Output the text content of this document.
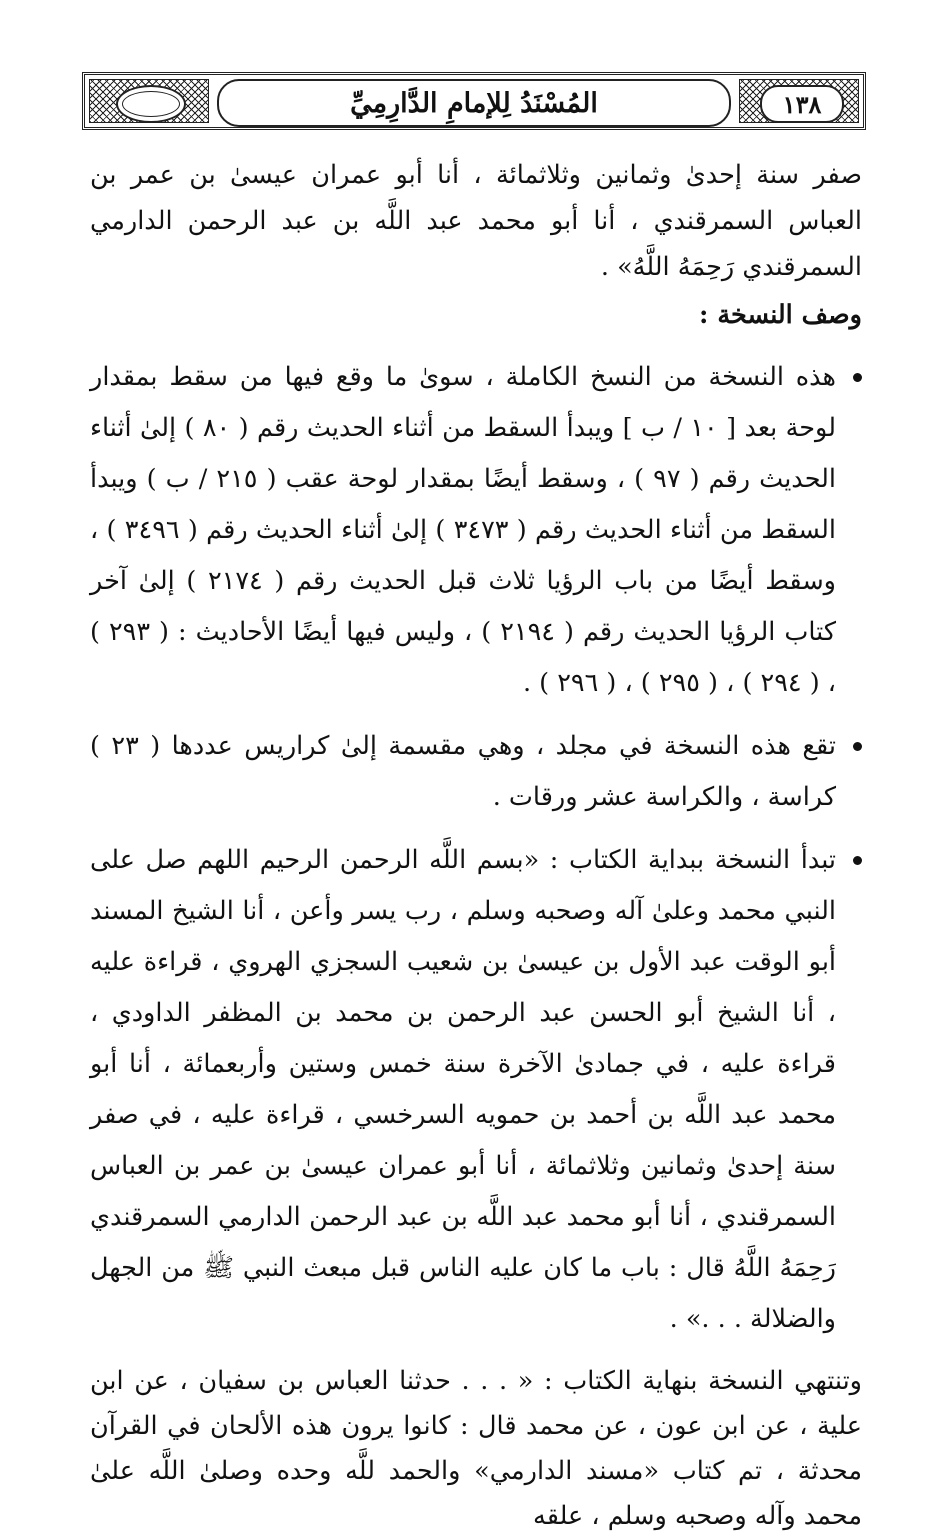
المُسْنَدُ لِلإمامِ الدَّارِمِيِّ	١٣٨

صفر سنة إحدىٰ وثمانين وثلاثمائة ، أنا أبو عمران عيسىٰ بن عمر بن العباس السمرقندي ، أنا أبو محمد عبد اللَّه بن عبد الرحمن الدارمي السمرقندي رَحِمَهُ اللَّهُ» .

وصف النسخة :

هذه النسخة من النسخ الكاملة ، سوىٰ ما وقع فيها من سقط بمقدار لوحة بعد [ ١٠ / ب ] ويبدأ السقط من أثناء الحديث رقم ( ٨٠ ) إلىٰ أثناء الحديث رقم ( ٩٧ ) ، وسقط أيضًا بمقدار لوحة عقب ( ٢١٥ / ب ) ويبدأ السقط من أثناء الحديث رقم ( ٣٤٧٣ ) إلىٰ أثناء الحديث رقم ( ٣٤٩٦ ) ، وسقط أيضًا من باب الرؤيا ثلاث قبل الحديث رقم ( ٢١٧٤ ) إلىٰ آخر كتاب الرؤيا الحديث رقم ( ٢١٩٤ ) ، وليس فيها أيضًا الأحاديث : ( ٢٩٣ ) ، ( ٢٩٤ ) ، ( ٢٩٥ ) ، ( ٢٩٦ ) .
تقع هذه النسخة في مجلد ، وهي مقسمة إلىٰ كراريس عددها ( ٢٣ ) كراسة ، والكراسة عشر ورقات .
تبدأ النسخة ببداية الكتاب : «بسم اللَّه الرحمن الرحيم اللهم صل على النبي محمد وعلىٰ آله وصحبه وسلم ، رب يسر وأعن ، أنا الشيخ المسند أبو الوقت عبد الأول بن عيسىٰ بن شعيب السجزي الهروي ، قراءة عليه ، أنا الشيخ أبو الحسن عبد الرحمن بن محمد بن المظفر الداودي ، قراءة عليه ، في جمادىٰ الآخرة سنة خمس وستين وأربعمائة ، أنا أبو محمد عبد اللَّه بن أحمد بن حمويه السرخسي ، قراءة عليه ، في صفر سنة إحدىٰ وثمانين وثلاثمائة ، أنا أبو عمران عيسىٰ بن عمر بن العباس السمرقندي ، أنا أبو محمد عبد اللَّه بن عبد الرحمن الدارمي السمرقندي رَحِمَهُ اللَّهُ قال : باب ما كان عليه الناس قبل مبعث النبي ﷺ من الجهل والضلالة . . .» .

وتنتهي النسخة بنهاية الكتاب : « . . . حدثنا العباس بن سفيان ، عن ابن علية ، عن ابن عون ، عن محمد قال : كانوا يرون هذه الألحان في القرآن محدثة ، تم كتاب «مسند الدارمي» والحمد للَّه وحده وصلىٰ اللَّه علىٰ محمد وآله وصحبه وسلم ، علقه
